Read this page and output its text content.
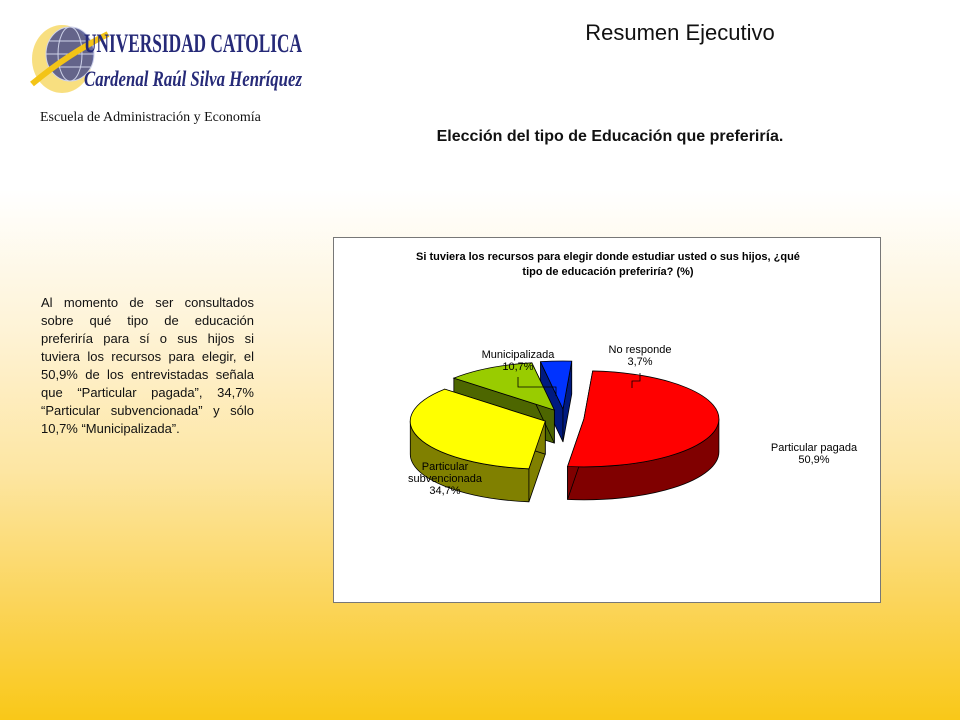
UNIVERSIDAD CATOLICA
Cardenal Raúl Silva Henríquez
Escuela de Administración y Economía
Resumen Ejecutivo
Elección del tipo de Educación que preferiría.
Al momento de ser consultados sobre qué tipo de educación preferiría para sí o sus hijos si tuviera los recursos para elegir, el 50,9% de los entrevistadas señala que “Particular pagada”, 34,7% “Particular subvencionada” y sólo 10,7% “Municipalizada”.
Si tuviera los recursos para elegir donde estudiar usted o sus hijos, ¿qué
tipo de educación preferiría? (%)
Particular pagada
50,9%
Particular
subvencionada
34,7%
Municipalizada
10,7%
No responde
3,7%
